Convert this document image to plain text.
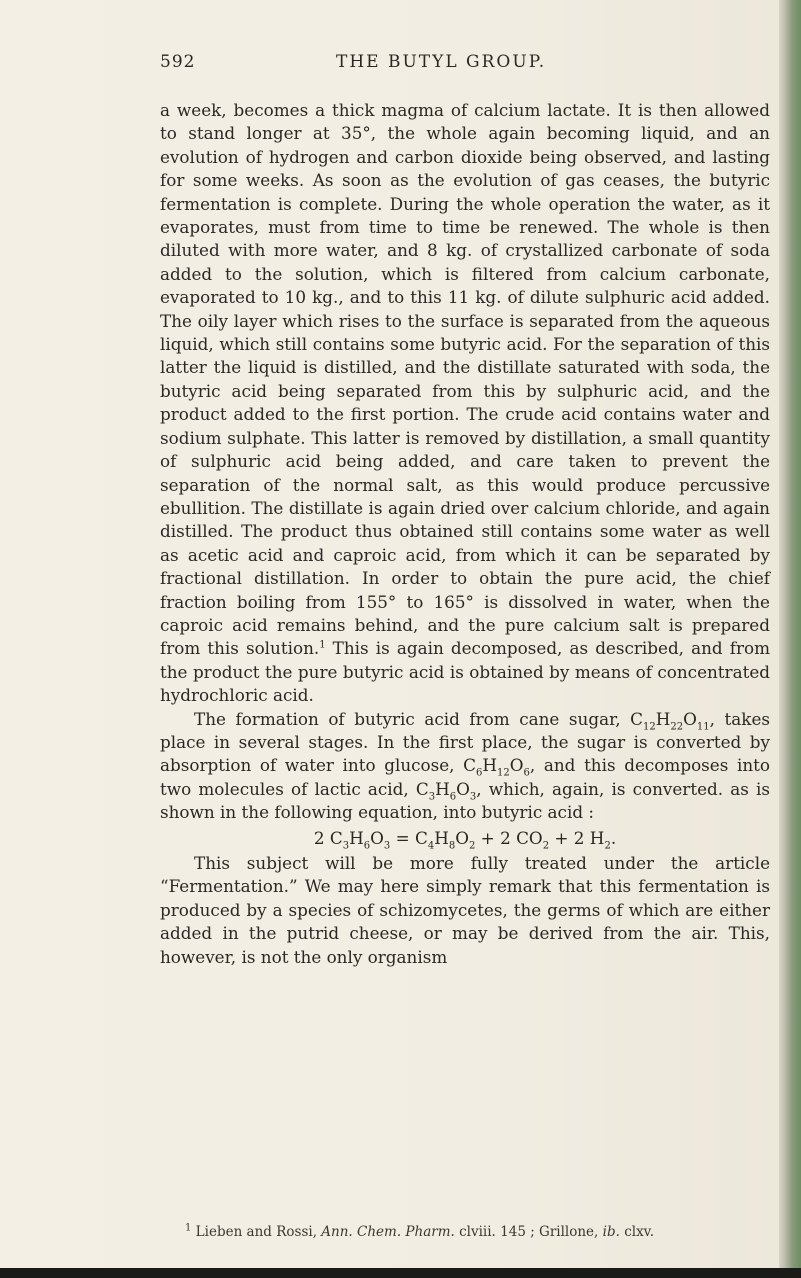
592	THE BUTYL GROUP.

a week, becomes a thick magma of calcium lactate. It is then allowed to stand longer at 35°, the whole again becoming liquid, and an evolution of hydrogen and carbon dioxide being observed, and lasting for some weeks. As soon as the evolution of gas ceases, the butyric fermentation is complete. During the whole operation the water, as it evaporates, must from time to time be renewed. The whole is then diluted with more water, and 8 kg. of crystallized carbonate of soda added to the solution, which is filtered from calcium carbonate, evaporated to 10 kg., and to this 11 kg. of dilute sulphuric acid added. The oily layer which rises to the surface is separated from the aqueous liquid, which still contains some butyric acid. For the separation of this latter the liquid is distilled, and the distillate saturated with soda, the butyric acid being separated from this by sulphuric acid, and the product added to the first portion. The crude acid contains water and sodium sulphate. This latter is removed by distillation, a small quantity of sulphuric acid being added, and care taken to prevent the separation of the normal salt, as this would produce percussive ebullition. The distillate is again dried over calcium chloride, and again distilled. The product thus obtained still contains some water as well as acetic acid and caproic acid, from which it can be separated by fractional distillation. In order to obtain the pure acid, the chief fraction boiling from 155° to 165° is dissolved in water, when the caproic acid remains behind, and the pure calcium salt is prepared from this solution.$^1$ This is again decomposed, as described, and from the product the pure butyric acid is obtained by means of concentrated hydrochloric acid.

The formation of butyric acid from cane sugar, $C_{12}H_{22}O_{11}$, takes place in several stages. In the first place, the sugar is converted by absorption of water into glucose, $C_6H_{12}O_6$, and this decomposes into two molecules of lactic acid, $C_3H_6O_3$, which, again, is converted. as is shown in the following equation, into butyric acid :

2 $C_3H_6O_3 = C_4H_8O_2 + 2$ $CO_2 + 2$ $H_2$.

This subject will be more fully treated under the article “Fermentation.” We may here simply remark that this fermentation is produced by a species of schizomycetes, the germs of which are either added in the putrid cheese, or may be derived from the air. This, however, is not the only organism

$^1$ Lieben and Rossi, Ann. Chem. Pharm. clviii. 145 ; Grillone, ib. clxv.
